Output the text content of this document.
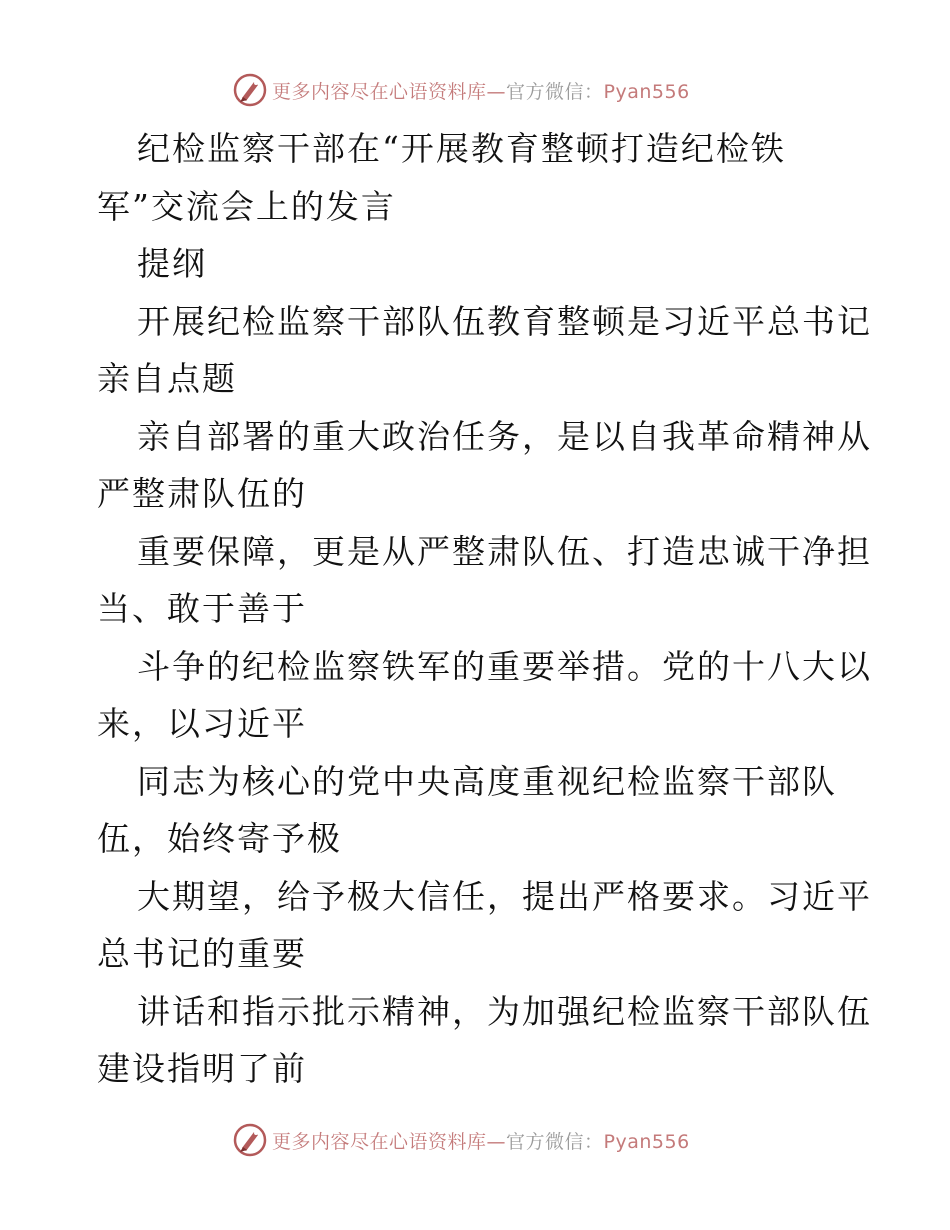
更多内容尽在心语资料库—官方微信：Pyan556

纪检监察干部在“开展教育整顿打造纪检铁

军”交流会上的发言

提纲

开展纪检监察干部队伍教育整顿是习近平总书记

亲自点题

亲自部署的重大政治任务，是以自我革命精神从

严整肃队伍的

重要保障，更是从严整肃队伍、打造忠诚干净担

当、敢于善于

斗争的纪检监察铁军的重要举措。党的十八大以

来，以习近平

同志为核心的党中央高度重视纪检监察干部队

伍，始终寄予极

大期望，给予极大信任，提出严格要求。习近平

总书记的重要

讲话和指示批示精神，为加强纪检监察干部队伍

建设指明了前

更多内容尽在心语资料库—官方微信：Pyan556
